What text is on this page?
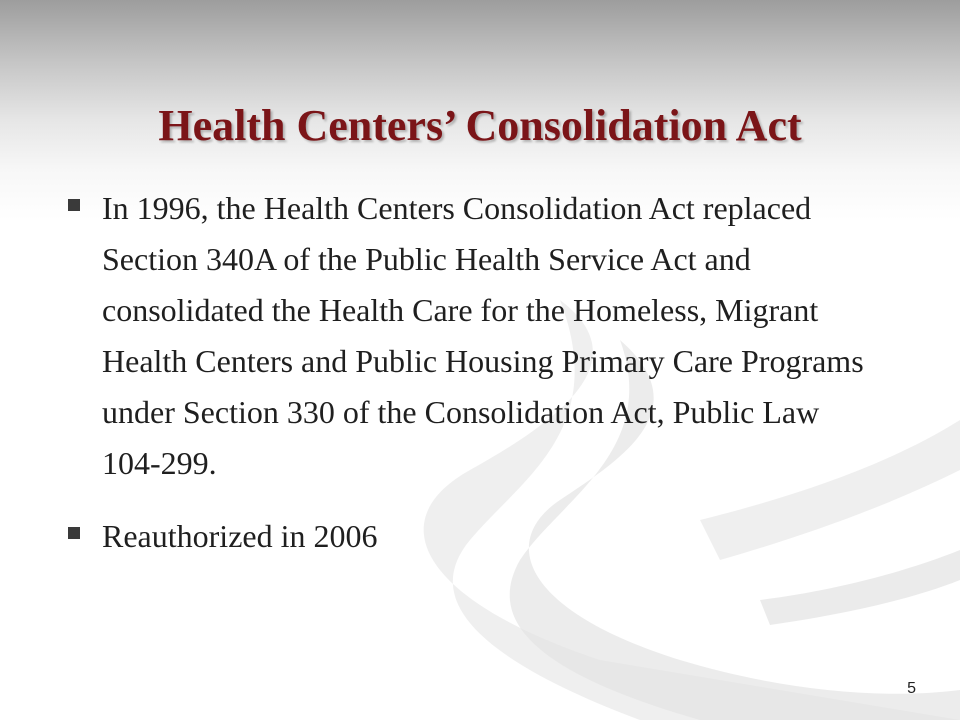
Health Centers’ Consolidation Act
In 1996, the Health Centers Consolidation Act replaced Section 340A of the Public Health Service Act and consolidated the Health Care for the Homeless, Migrant Health Centers and Public Housing Primary Care Programs under Section 330 of the Consolidation Act, Public Law 104-299.
Reauthorized in 2006
5
